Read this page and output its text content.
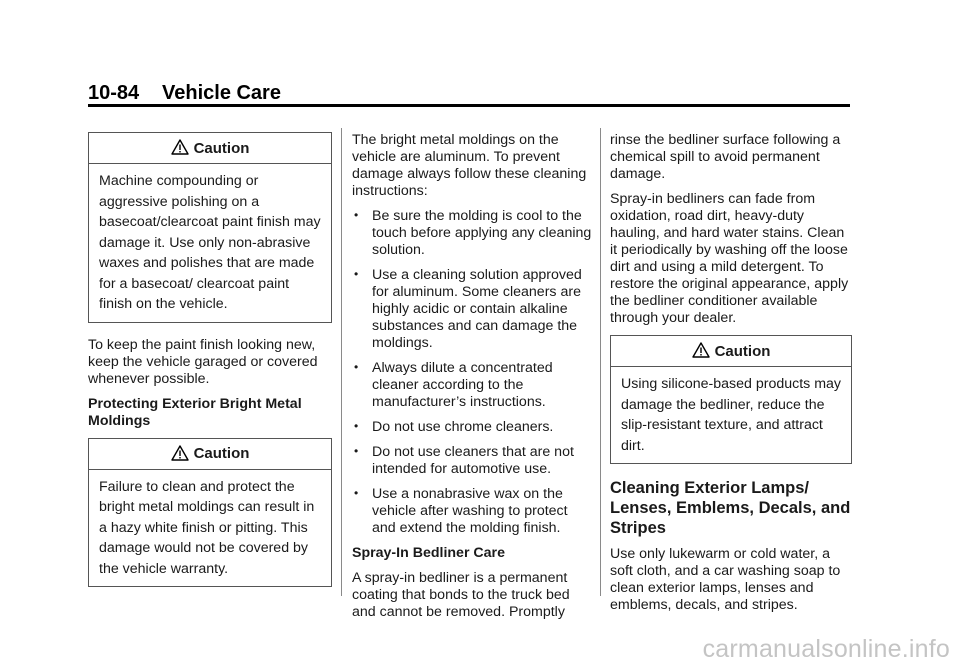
10-84 Vehicle Care
Caution
Machine compounding or aggressive polishing on a basecoat/clearcoat paint finish may damage it. Use only non-abrasive waxes and polishes that are made for a basecoat/ clearcoat paint finish on the vehicle.

To keep the paint finish looking new, keep the vehicle garaged or covered whenever possible.

Protecting Exterior Bright Metal Moldings

Caution
Failure to clean and protect the bright metal moldings can result in a hazy white finish or pitting. This damage would not be covered by the vehicle warranty.

The bright metal moldings on the vehicle are aluminum. To prevent damage always follow these cleaning instructions:

• Be sure the molding is cool to the touch before applying any cleaning solution.
• Use a cleaning solution approved for aluminum. Some cleaners are highly acidic or contain alkaline substances and can damage the moldings.
• Always dilute a concentrated cleaner according to the manufacturer’s instructions.
• Do not use chrome cleaners.
• Do not use cleaners that are not intended for automotive use.
• Use a nonabrasive wax on the vehicle after washing to protect and extend the molding finish.

Spray-In Bedliner Care

A spray-in bedliner is a permanent coating that bonds to the truck bed and cannot be removed. Promptly

rinse the bedliner surface following a chemical spill to avoid permanent damage.

Spray-in bedliners can fade from oxidation, road dirt, heavy-duty hauling, and hard water stains. Clean it periodically by washing off the loose dirt and using a mild detergent. To restore the original appearance, apply the bedliner conditioner available through your dealer.

Caution
Using silicone-based products may damage the bedliner, reduce the slip-resistant texture, and attract dirt.
Cleaning Exterior Lamps/ Lenses, Emblems, Decals, and Stripes

Use only lukewarm or cold water, a soft cloth, and a car washing soap to clean exterior lamps, lenses and emblems, decals, and stripes.

carmanualsonline.info
